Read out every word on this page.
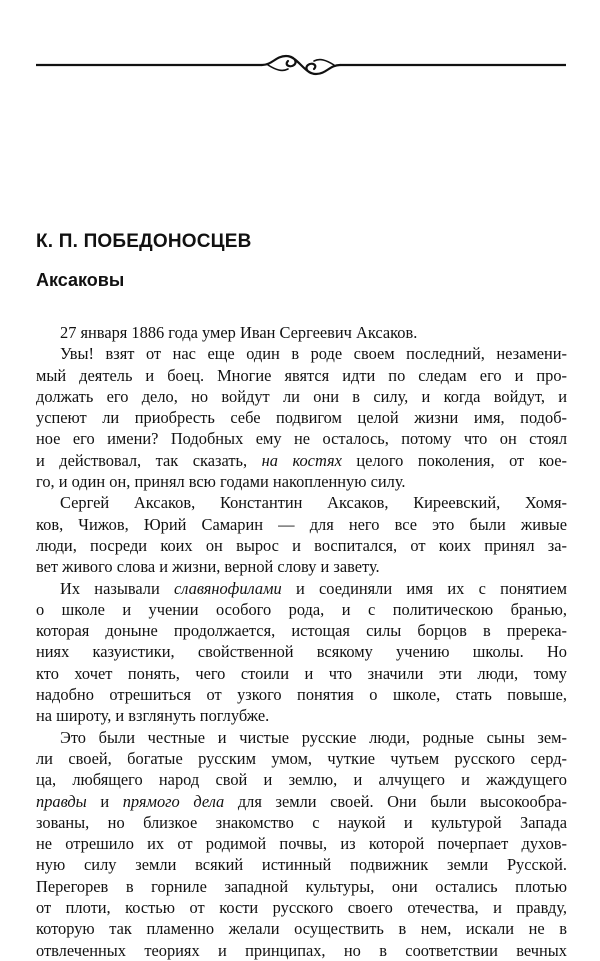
К. П. ПОБЕДОНОСЦЕВ
Аксаковы
27 января 1886 года умер Иван Сергеевич Аксаков.
Увы! взят от нас еще один в роде своем последний, незамени-
мый деятель и боец. Многие явятся идти по следам его и про-
должать его дело, но войдут ли они в силу, и когда войдут, и
успеют ли приобресть себе подвигом целой жизни имя, подоб-
ное его имени? Подобных ему не осталось, потому что он стоял
и действовал, так сказать, на костях целого поколения, от кое-
го, и один он, принял всю годами накопленную силу.
Сергей Аксаков, Константин Аксаков, Киреевский, Хомя-
ков, Чижов, Юрий Самарин — для него все это были живые
люди, посреди коих он вырос и воспитался, от коих принял за-
вет живого слова и жизни, верной слову и завету.
Их называли славянофилами и соединяли имя их с понятием
о школе и учении особого рода, и с политическою бранью,
которая доныне продолжается, истощая силы борцов в пререка-
ниях казуистики, свойственной всякому учению школы. Но
кто хочет понять, чего стоили и что значили эти люди, тому
надобно отрешиться от узкого понятия о школе, стать повыше,
на широту, и взглянуть поглубже.
Это были честные и чистые русские люди, родные сыны зем-
ли своей, богатые русским умом, чуткие чутьем русского серд-
ца, любящего народ свой и землю, и алчущего и жаждущего
правды и прямого дела для земли своей. Они были высокообра-
зованы, но близкое знакомство с наукой и культурой Запада
не отрешило их от родимой почвы, из которой почерпает духов-
ную силу земли всякий истинный подвижник земли Русской.
Перегорев в горниле западной культуры, они остались плотью
от плоти, костью от кости русского своего отечества, и правду,
которую так пламенно желали осуществить в нем, искали не в
отвлеченных теориях и принципах, но в соответствии вечных
